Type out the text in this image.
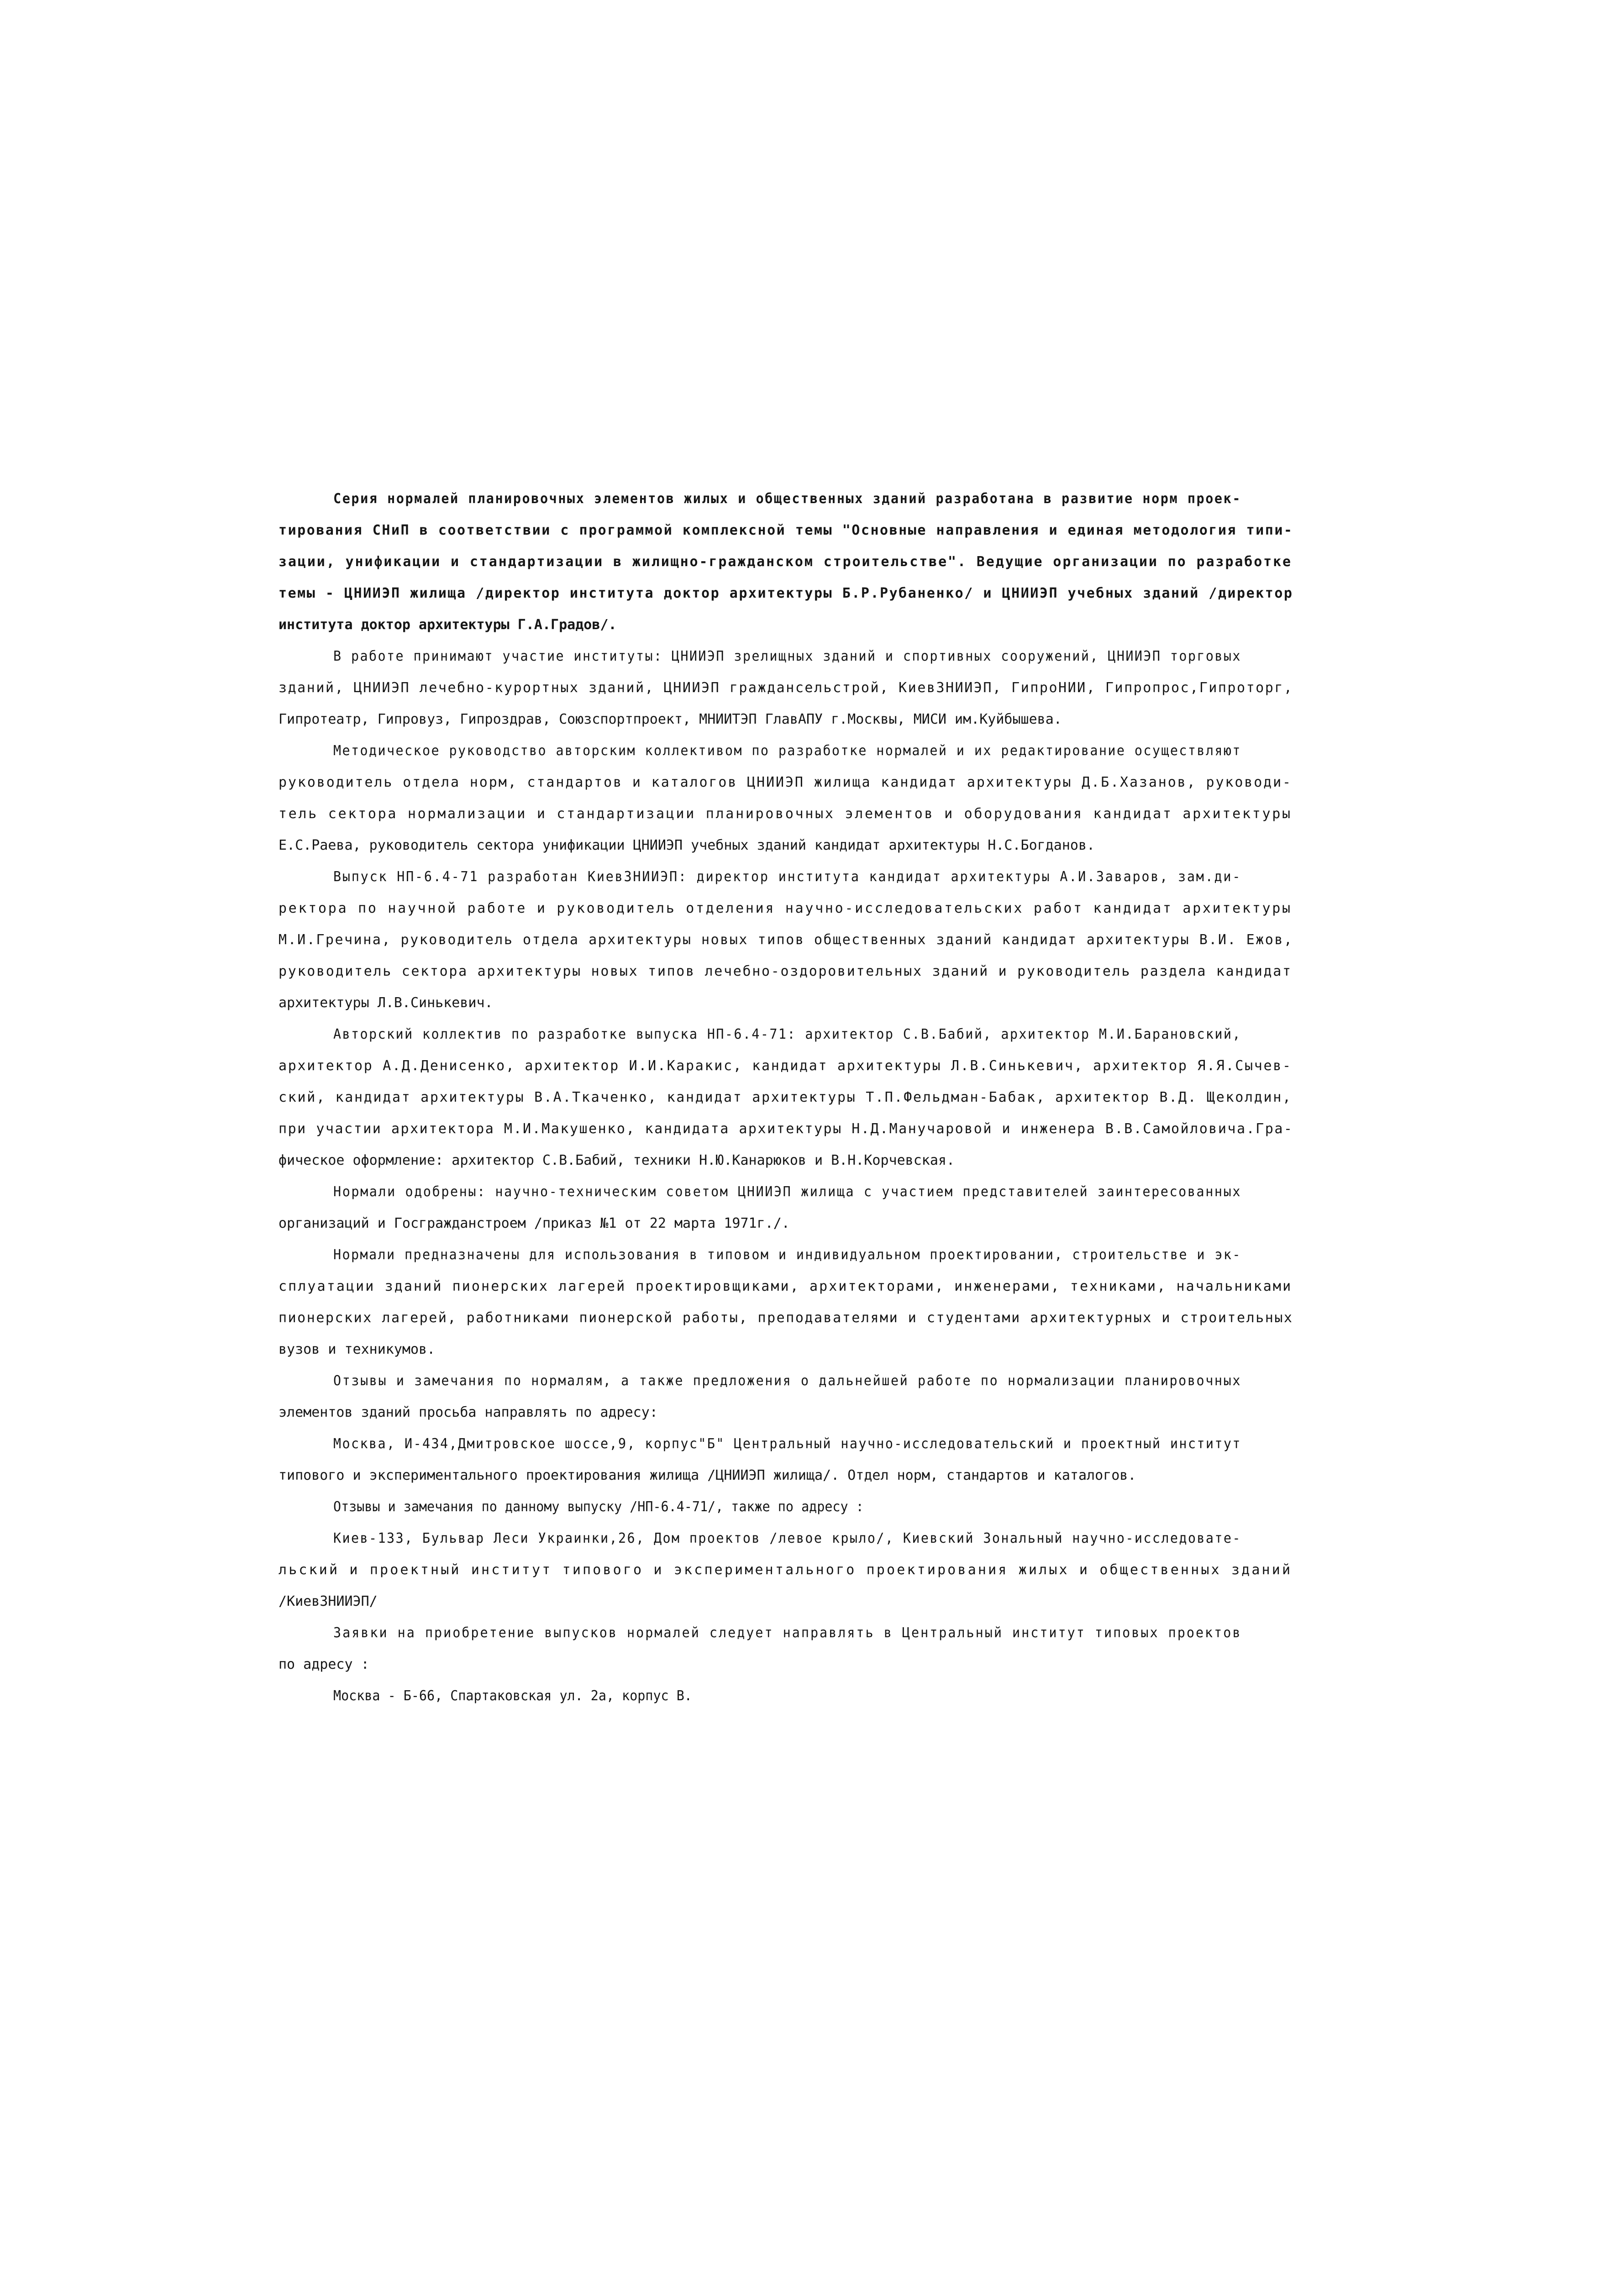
Серия нормалей планировочных элементов жилых и общественных зданий разработана в развитие норм проек-
тирования СНиП в соответствии с программой комплексной темы "Основные направления и единая методология типи-
зации, унификации и стандартизации в жилищно-гражданском строительстве". Ведущие организации по разработке
темы - ЦНИИЭП жилища /директор института доктор архитектуры Б.Р.Рубаненко/ и ЦНИИЭП учебных зданий /директор
института доктор архитектуры Г.А.Градов/.
В работе принимают участие институты: ЦНИИЭП зрелищных зданий и спортивных сооружений, ЦНИИЭП торговых
зданий, ЦНИИЭП лечебно-курортных зданий, ЦНИИЭП граждансельстрой, КиевЗНИИЭП, ГипроНИИ, Гипропрос,Гипроторг,
Гипротеатр, Гипровуз, Гипроздрав, Союзспортпроект, МНИИТЭП ГлавАПУ г.Москвы, МИСИ им.Куйбышева.
Методическое руководство авторским коллективом по разработке нормалей и их редактирование осуществляют
руководитель отдела норм, стандартов и каталогов ЦНИИЭП жилища кандидат архитектуры Д.Б.Хазанов, руководи-
тель сектора нормализации и стандартизации планировочных элементов и оборудования кандидат архитектуры
Е.С.Раева, руководитель сектора унификации ЦНИИЭП учебных зданий кандидат архитектуры Н.С.Богданов.
Выпуск НП-6.4-71 разработан КиевЗНИИЭП: директор института кандидат архитектуры А.И.Заваров, зам.ди-
ректора по научной работе и руководитель отделения научно-исследовательских работ кандидат архитектуры
М.И.Гречина, руководитель отдела архитектуры новых типов общественных зданий кандидат архитектуры В.И. Ежов,
руководитель сектора архитектуры новых типов лечебно-оздоровительных зданий и руководитель раздела кандидат
архитектуры Л.В.Синькевич.
Авторский коллектив по разработке выпуска НП-6.4-71: архитектор С.В.Бабий, архитектор М.И.Барановский,
архитектор А.Д.Денисенко, архитектор И.И.Каракис, кандидат архитектуры Л.В.Синькевич, архитектор Я.Я.Сычев-
ский, кандидат архитектуры В.А.Ткаченко, кандидат архитектуры Т.П.Фельдман-Бабак, архитектор В.Д. Щеколдин,
при участии архитектора М.И.Макушенко, кандидата архитектуры Н.Д.Манучаровой и инженера В.В.Самойловича.Гра-
фическое оформление: архитектор С.В.Бабий, техники Н.Ю.Канарюков и В.Н.Корчевская.
Нормали одобрены: научно-техническим советом ЦНИИЭП жилища с участием представителей заинтересованных
организаций и Госгражданстроем /приказ №1 от 22 марта 1971г./.
Нормали предназначены для использования в типовом и индивидуальном проектировании, строительстве и эк-
сплуатации зданий пионерских лагерей проектировщиками, архитекторами, инженерами, техниками, начальниками
пионерских лагерей, работниками пионерской работы, преподавателями и студентами архитектурных и строительных
вузов и техникумов.
Отзывы и замечания по нормалям, а также предложения о дальнейшей работе по нормализации планировочных
элементов зданий просьба направлять по адресу:
Москва, И-434,Дмитровское шоссе,9, корпус"Б" Центральный научно-исследовательский и проектный институт
типового и экспериментального проектирования жилища /ЦНИИЭП жилища/. Отдел норм, стандартов и каталогов.
Отзывы и замечания по данному выпуску /НП-6.4-71/, также по адресу :
Киев-133, Бульвар Леси Украинки,26, Дом проектов /левое крыло/, Киевский Зональный научно-исследовате-
льский и проектный институт типового и экспериментального проектирования жилых и общественных зданий
/КиевЗНИИЭП/
Заявки на приобретение выпусков нормалей следует направлять в Центральный институт типовых проектов
по адресу :
Москва - Б-66, Спартаковская ул. 2а, корпус В.
